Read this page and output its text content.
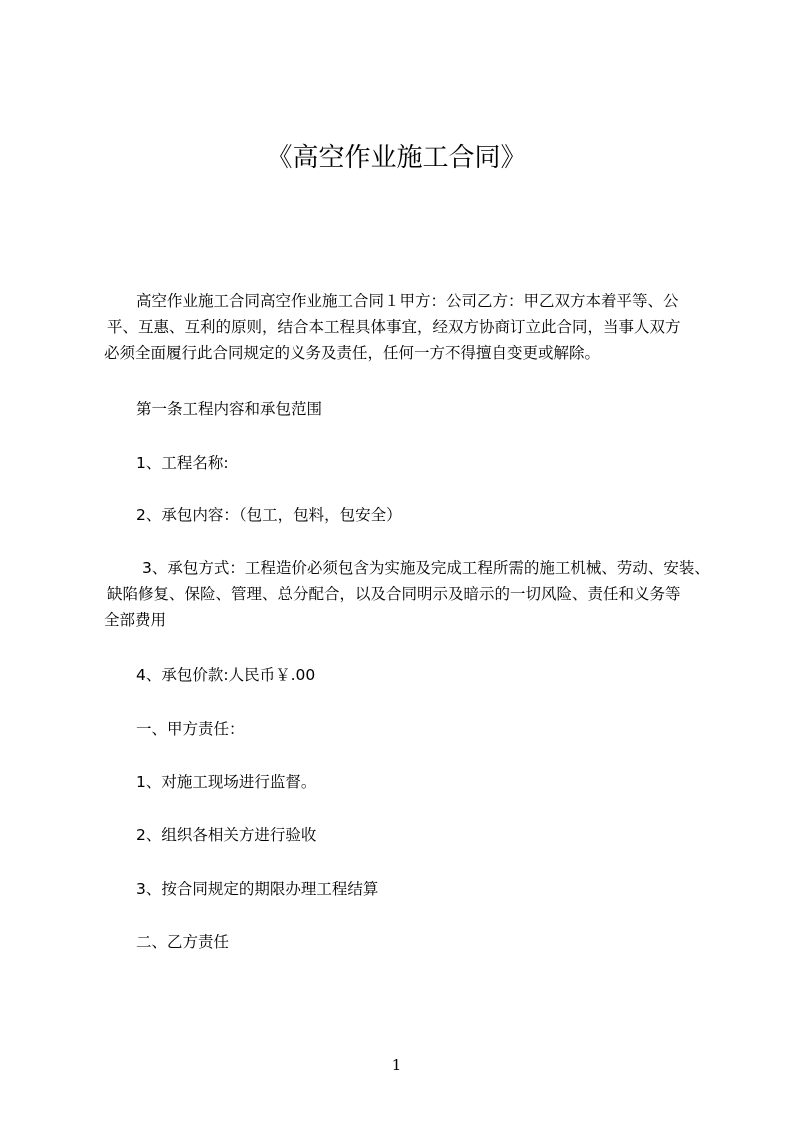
《高空作业施工合同》
高空作业施工合同高空作业施工合同１甲方：公司乙方：甲乙双方本着平等、公
平、互惠、互利的原则，结合本工程具体事宜，经双方协商订立此合同，当事人双方
必须全面履行此合同规定的义务及责任，任何一方不得擅自变更或解除。
第一条工程内容和承包范围
1、工程名称:
2、承包内容：（包工，包料，包安全）
3、承包方式：工程造价必须包含为实施及完成工程所需的施工机械、劳动、安装、
缺陷修复、保险、管理、总分配合，以及合同明示及暗示的一切风险、责任和义务等
全部费用
4、承包价款:人民币￥.00
一、甲方责任：
1、对施工现场进行监督。
2、组织各相关方进行验收
3、按合同规定的期限办理工程结算
二、乙方责任
1
